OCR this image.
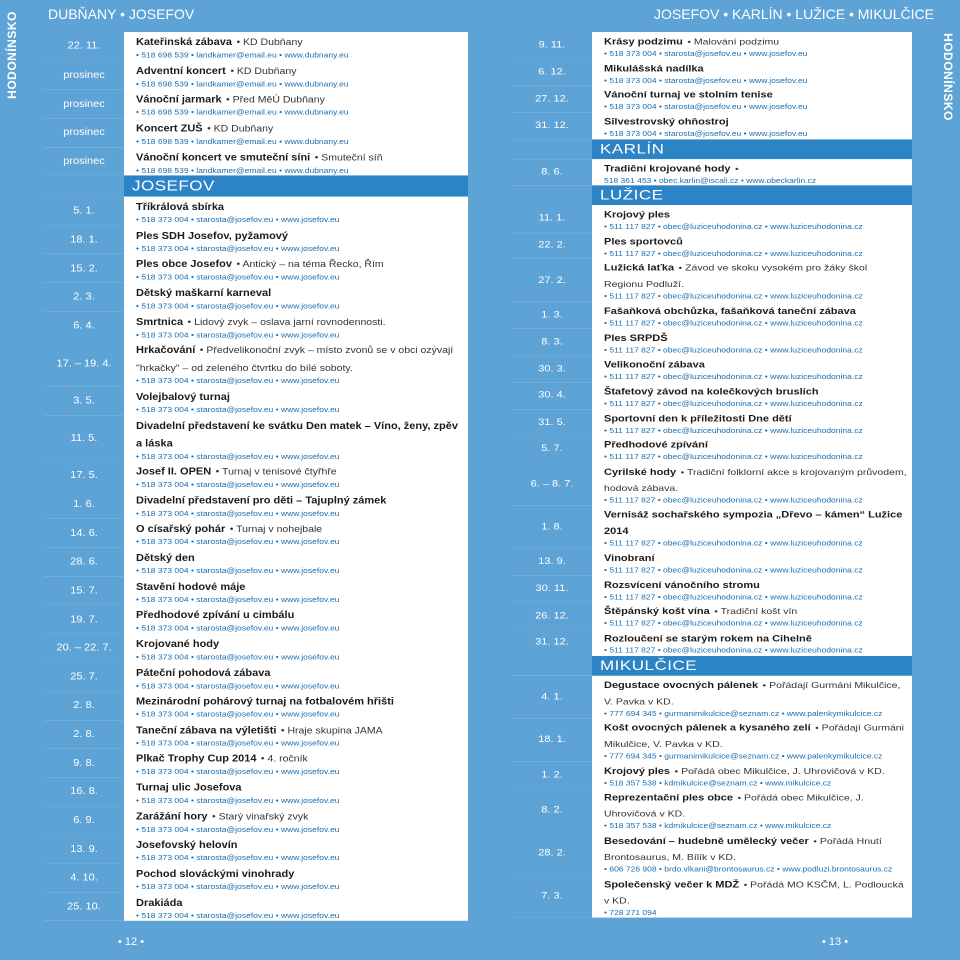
HODONÍNSKO	HODONÍNSKO
DUBŇANY • JOSEFOV	JOSEFOV • KARLÍN • LUŽICE • MIKULČICE
22. 11.	Kateřinská zábava • KD Dubňany
• 518 698 539 • landkamer@email.eu • www.dubnany.eu
prosinec	Adventní koncert • KD Dubňany
• 518 698 539 • landkamer@email.eu • www.dubnany.eu
prosinec	Vánoční jarmark • Před MěÚ Dubňany
• 518 698 539 • landkamer@email.eu • www.dubnany.eu
prosinec	Koncert ZUŠ • KD Dubňany
• 518 698 539 • landkamer@email.eu • www.dubnany.eu
prosinec	Vánoční koncert ve smuteční síni • Smuteční síň
• 518 698 539 • landkamer@email.eu • www.dubnany.eu
JOSEFOV
5. 1.	Tříkrálová sbírka
• 518 373 004 • starosta@josefov.eu • www.josefov.eu
18. 1.	Ples SDH Josefov, pyžamový
• 518 373 004 • starosta@josefov.eu • www.josefov.eu
15. 2.	Ples obce Josefov • Antický – na téma Řecko, Řím
• 518 373 004 • starosta@josefov.eu • www.josefov.eu
2. 3.	Dětský maškarní karneval
• 518 373 004 • starosta@josefov.eu • www.josefov.eu
6. 4.	Smrtnica • Lidový zvyk – oslava jarní rovnodennosti.
• 518 373 004 • starosta@josefov.eu • www.josefov.eu
17. – 19. 4.
Hrkačování • Předvelikonoční zvyk – místo zvonů se v obci ozývají "hrkačky" – od zeleného čtvrtku do bílé soboty.
• 518 373 004 • starosta@josefov.eu • www.josefov.eu
3. 5.	Volejbalový turnaj
• 518 373 004 • starosta@josefov.eu • www.josefov.eu
11. 5.
Divadelní představení ke svátku Den matek – Víno, ženy, zpěv a láska
• 518 373 004 • starosta@josefov.eu • www.josefov.eu
17. 5.	Josef II. OPEN • Turnaj v tenisové čtyřhře
• 518 373 004 • starosta@josefov.eu • www.josefov.eu
1. 6.	Divadelní představení pro děti – Tajuplný zámek
• 518 373 004 • starosta@josefov.eu • www.josefov.eu
14. 6.	O císařský pohár • Turnaj v nohejbale
• 518 373 004 • starosta@josefov.eu • www.josefov.eu
28. 6.	Dětský den
• 518 373 004 • starosta@josefov.eu • www.josefov.eu
15. 7.	Stavění hodové máje
• 518 373 004 • starosta@josefov.eu • www.josefov.eu
19. 7.	Předhodové zpívání u cimbálu
• 518 373 004 • starosta@josefov.eu • www.josefov.eu
20. – 22. 7.	Krojované hody
• 518 373 004 • starosta@josefov.eu • www.josefov.eu
25. 7.	Páteční pohodová zábava
• 518 373 004 • starosta@josefov.eu • www.josefov.eu
2. 8.	Mezinárodní pohárový turnaj na fotbalovém hřišti
• 518 373 004 • starosta@josefov.eu • www.josefov.eu
2. 8.	Taneční zábava na výletišti • Hraje skupina JAMA
• 518 373 004 • starosta@josefov.eu • www.josefov.eu
9. 8.	Plkač Trophy Cup 2014 • 4. ročník
• 518 373 004 • starosta@josefov.eu • www.josefov.eu
16. 8.	Turnaj ulic Josefova
• 518 373 004 • starosta@josefov.eu • www.josefov.eu
6. 9.	Zarážání hory • Starý vinařský zvyk
• 518 373 004 • starosta@josefov.eu • www.josefov.eu
13. 9.	Josefovský helovín
• 518 373 004 • starosta@josefov.eu • www.josefov.eu
4. 10.	Pochod slováckými vinohrady
• 518 373 004 • starosta@josefov.eu • www.josefov.eu
25. 10.	Drakiáda
• 518 373 004 • starosta@josefov.eu • www.josefov.eu
9. 11.	Krásy podzimu • Malování podzimu
• 518 373 004 • starosta@josefov.eu • www.josefov.eu
6. 12.	Mikulášská nadílka
• 518 373 004 • starosta@josefov.eu • www.josefov.eu
27. 12.	Vánoční turnaj ve stolním tenise
• 518 373 004 • starosta@josefov.eu • www.josefov.eu
31. 12.	Silvestrovský ohňostroj
• 518 373 004 • starosta@josefov.eu • www.josefov.eu
KARLÍN
8. 6.	Tradiční krojované hody •
518 361 453 • obec.karlin@iscali.cz • www.obeckarlin.cz
LUŽICE
11. 1.	Krojový ples
• 511 117 827 • obec@luziceuhodonina.cz • www.luziceuhodonina.cz
22. 2.	Ples sportovců
• 511 117 827 • obec@luziceuhodonina.cz • www.luziceuhodonina.cz
27. 2.
Lužická laťka • Závod ve skoku vysokém pro žáky škol Regionu Podluží.
• 511 117 827 • obec@luziceuhodonina.cz • www.luziceuhodonina.cz
1. 3.	Fašaňková obchůzka, fašaňková taneční zábava
• 511 117 827 • obec@luziceuhodonina.cz • www.luziceuhodonina.cz
8. 3.	Ples SRPDŠ
• 511 117 827 • obec@luziceuhodonina.cz • www.luziceuhodonina.cz
30. 3.	Velikonoční zábava
• 511 117 827 • obec@luziceuhodonina.cz • www.luziceuhodonina.cz
30. 4.	Štafetový závod na kolečkových bruslích
• 511 117 827 • obec@luziceuhodonina.cz • www.luziceuhodonina.cz
31. 5.	Sportovní den k příležitosti Dne dětí
• 511 117 827 • obec@luziceuhodonina.cz • www.luziceuhodonina.cz
5. 7.	Předhodové zpívání
• 511 117 827 • obec@luziceuhodonina.cz • www.luziceuhodonina.cz
6. – 8. 7.
Cyrilské hody • Tradiční folklorní akce s krojovaným průvodem, hodová zábava.
• 511 117 827 • obec@luziceuhodonina.cz • www.luziceuhodonina.cz
1. 8.
Vernisáž sochařského sympozia „Dřevo – kámen“ Lužice 2014
• 511 117 827 • obec@luziceuhodonina.cz • www.luziceuhodonina.cz
13. 9.	Vinobraní
• 511 117 827 • obec@luziceuhodonina.cz • www.luziceuhodonina.cz
30. 11.	Rozsvícení vánočního stromu
• 511 117 827 • obec@luziceuhodonina.cz • www.luziceuhodonina.cz
26. 12.	Štěpánský košt vína • Tradiční košt vín
• 511 117 827 • obec@luziceuhodonina.cz • www.luziceuhodonina.cz
31. 12.	Rozloučení se starým rokem na Cihelně
• 511 117 827 • obec@luziceuhodonina.cz • www.luziceuhodonina.cz
MIKULČICE
4. 1.
Degustace ovocných pálenek • Pořádají Gurmáni Mikulčice, V. Pavka v KD.
• 777 694 345 • gurmanimikulcice@seznam.cz • www.palenkymikulcice.cz
18. 1.
Košt ovocných pálenek a kysaného zelí • Pořádají Gurmáni Mikulčice, V. Pavka v KD.
• 777 694 345 • gurmanimikulcice@seznam.cz • www.palenkymikulcice.cz
1. 2.	Krojový ples • Pořádá obec Mikulčice, J. Uhrovičová v KD.
• 518 357 538 • kdmikulcice@seznam.cz • www.mikulcice.cz
8. 2.
Reprezentační ples obce • Pořádá obec Mikulčice, J. Uhrovičová v KD.
• 518 357 538 • kdmikulcice@seznam.cz • www.mikulcice.cz
28. 2.
Besedování – hudebně umělecký večer • Pořádá Hnutí Brontosaurus, M. Bílík v KD.
• 606 726 908 • brdo.vlkani@brontosaurus.cz • www.podluzi.brontosaurus.cz
7. 3.
Společenský večer k MDŽ • Pořádá MO KSČM, L. Podloucká v KD.
• 728 271 094
• 12 •	• 13 •
